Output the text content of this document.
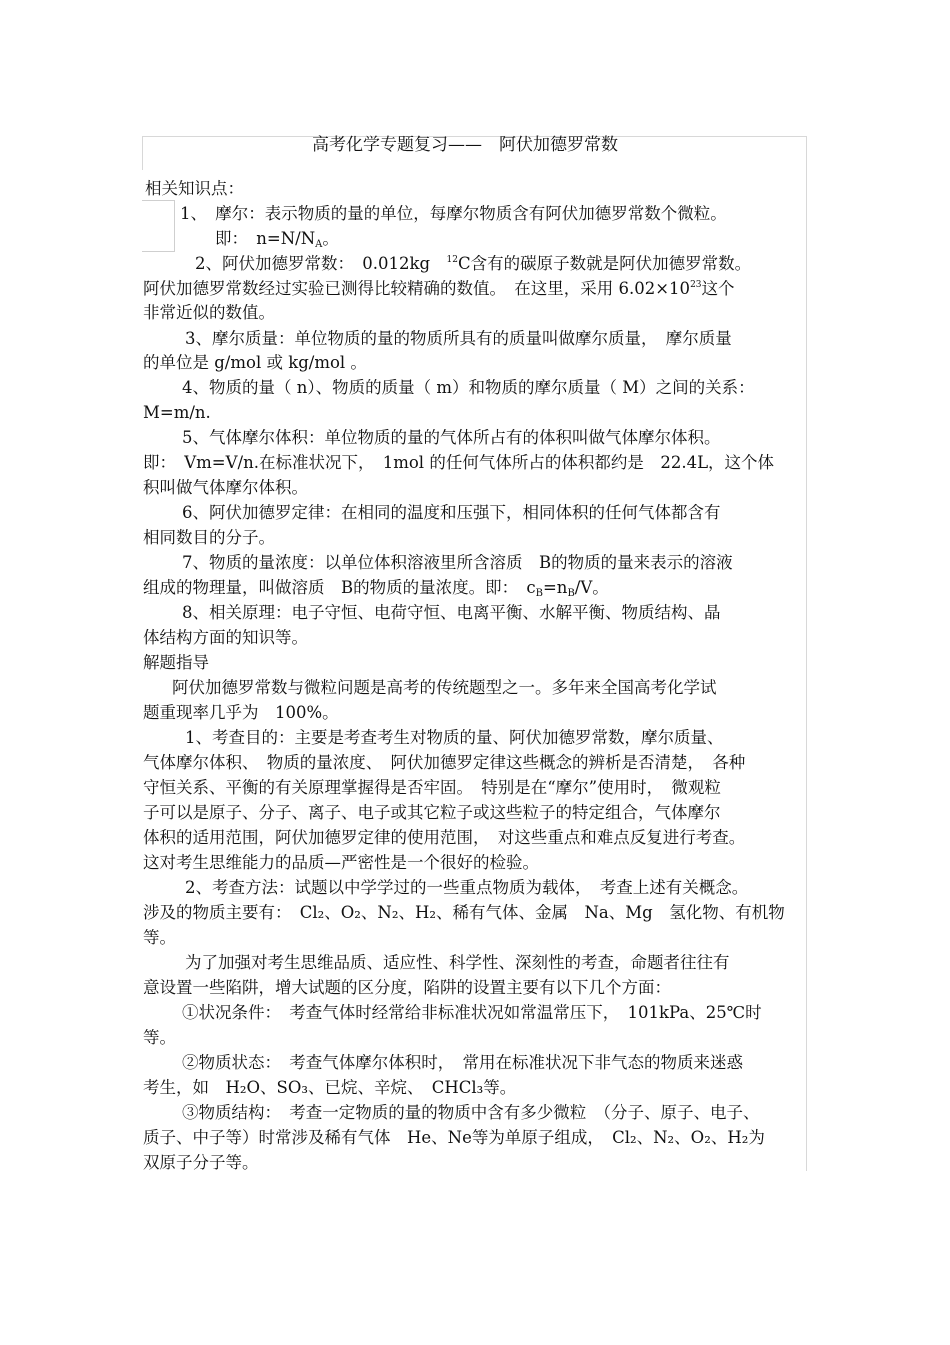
高考化学专题复习——　阿伏加德罗常数
相关知识点：
1、　摩尔：表示物质的量的单位，每摩尔物质含有阿伏加德罗常数个微粒。
即：　$n=N/N_A$。
2、阿伏加德罗常数：　0.012kg　$^{12}$C含有的碳原子数就是阿伏加德罗常数。
阿伏加德罗常数经过实验已测得比较精确的数值。　在这里，采用 $6.02\times 10^{23}$这个
非常近似的数值。
3、摩尔质量：单位物质的量的物质所具有的质量叫做摩尔质量，　摩尔质量
的单位是 g/mol 或 kg/mol 。
4、物质的量（ n）、物质的质量（ m）和物质的摩尔质量（ M）之间的关系：
M=m/n.
5、气体摩尔体积：单位物质的量的气体所占有的体积叫做气体摩尔体积。
即：　Vm=V/n.在标准状况下，　1mol 的任何气体所占的体积都约是　22.4L，这个体
积叫做气体摩尔体积。
6、阿伏加德罗定律：在相同的温度和压强下，相同体积的任何气体都含有
相同数目的分子。
7、物质的量浓度：以单位体积溶液里所含溶质　B的物质的量来表示的溶液
组成的物理量，叫做溶质　B的物质的量浓度。即：　$c_B=n_B/V$。
8、相关原理：电子守恒、电荷守恒、电离平衡、水解平衡、物质结构、晶
体结构方面的知识等。
解题指导
阿伏加德罗常数与微粒问题是高考的传统题型之一。多年来全国高考化学试
题重现率几乎为　100%。
1、考查目的：主要是考查考生对物质的量、阿伏加德罗常数，摩尔质量、
气体摩尔体积、　物质的量浓度、　阿伏加德罗定律这些概念的辨析是否清楚，　各种
守恒关系、平衡的有关原理掌握得是否牢固。　特别是在“摩尔”使用时，　微观粒
子可以是原子、分子、离子、电子或其它粒子或这些粒子的特定组合，气体摩尔
体积的适用范围，阿伏加德罗定律的使用范围，　对这些重点和难点反复进行考查。
这对考生思维能力的品质—严密性是一个很好的检验。
2、考查方法：试题以中学学过的一些重点物质为载体，　考查上述有关概念。
涉及的物质主要有：　Cl₂、O₂、N₂、H₂、稀有气体、金属　Na、Mg　氢化物、有机物
等。
为了加强对考生思维品质、适应性、科学性、深刻性的考查，命题者往往有
意设置一些陷阱，增大试题的区分度，陷阱的设置主要有以下几个方面：
①状况条件：　考查气体时经常给非标准状况如常温常压下，　101kPa、25℃时
等。
②物质状态：　考查气体摩尔体积时，　常用在标准状况下非气态的物质来迷惑
考生，如　H₂O、SO₃、已烷、辛烷、　CHCl₃等。
③物质结构：　考查一定物质的量的物质中含有多少微粒　（分子、原子、电子、
质子、中子等）时常涉及稀有气体　He、Ne等为单原子组成，　Cl₂、N₂、O₂、H₂为
双原子分子等。
